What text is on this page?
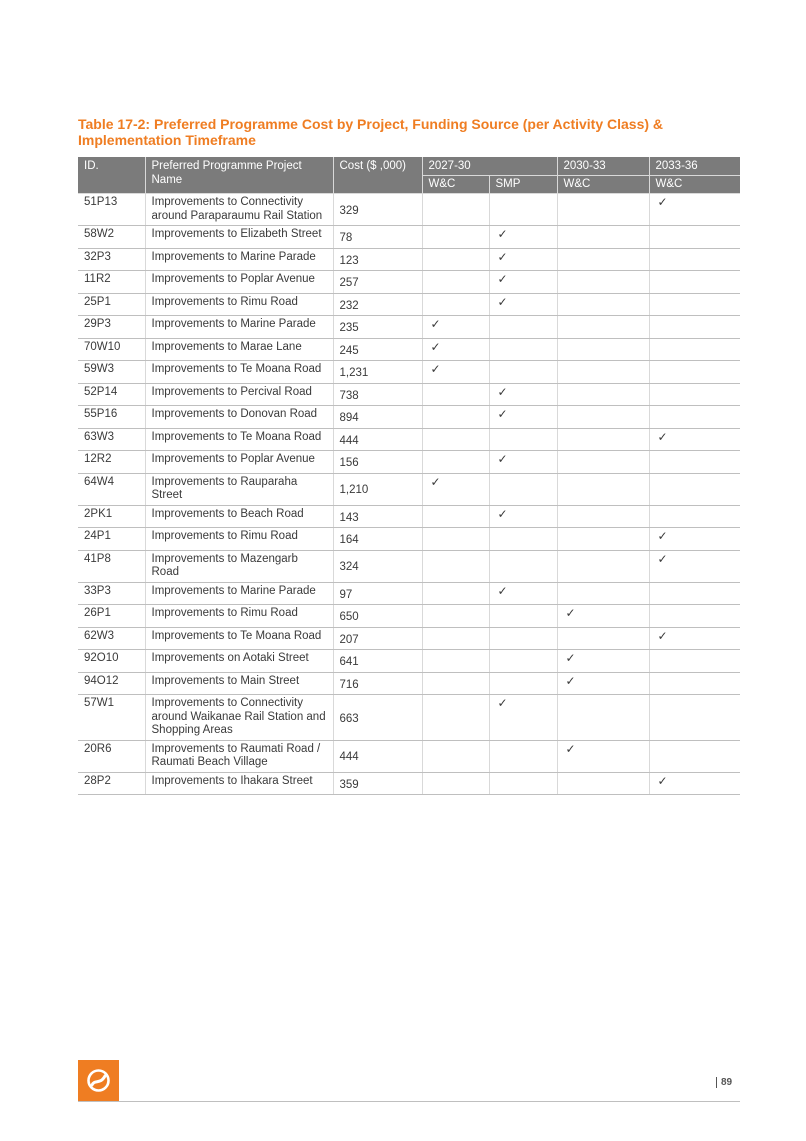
Table 17-2: Preferred Programme Cost by Project, Funding Source (per Activity Class) & Implementation Timeframe
ID.	Preferred Programme Project Name	Cost ($ ,000)	2027-30		2030-33	2033-36
			W&C	SMP	W&C	W&C
51P13	Improvements to Connectivity around Paraparaumu Rail Station	329				✓
58W2	Improvements to Elizabeth Street	78		✓		
32P3	Improvements to Marine Parade	123		✓		
11R2	Improvements to Poplar Avenue	257		✓		
25P1	Improvements to Rimu Road	232		✓		
29P3	Improvements to Marine Parade	235	✓			
70W10	Improvements to Marae Lane	245	✓			
59W3	Improvements to Te Moana Road	1,231	✓			
52P14	Improvements to Percival Road	738		✓		
55P16	Improvements to Donovan Road	894		✓		
63W3	Improvements to Te Moana Road	444				✓
12R2	Improvements to Poplar Avenue	156		✓		
64W4	Improvements to Rauparaha Street	1,210	✓			
2PK1	Improvements to Beach Road	143		✓		
24P1	Improvements to Rimu Road	164				✓
41P8	Improvements to Mazengarb Road	324				✓
33P3	Improvements to Marine Parade	97		✓		
26P1	Improvements to Rimu Road	650			✓	
62W3	Improvements to Te Moana Road	207				✓
92O10	Improvements on Aotaki Street	641			✓	
94O12	Improvements to Main Street	716			✓	
57W1	Improvements to Connectivity around Waikanae Rail Station and Shopping Areas	663		✓		
20R6	Improvements to Raumati Road / Raumati Beach Village	444			✓	
28P2	Improvements to Ihakara Street	359				✓
89
